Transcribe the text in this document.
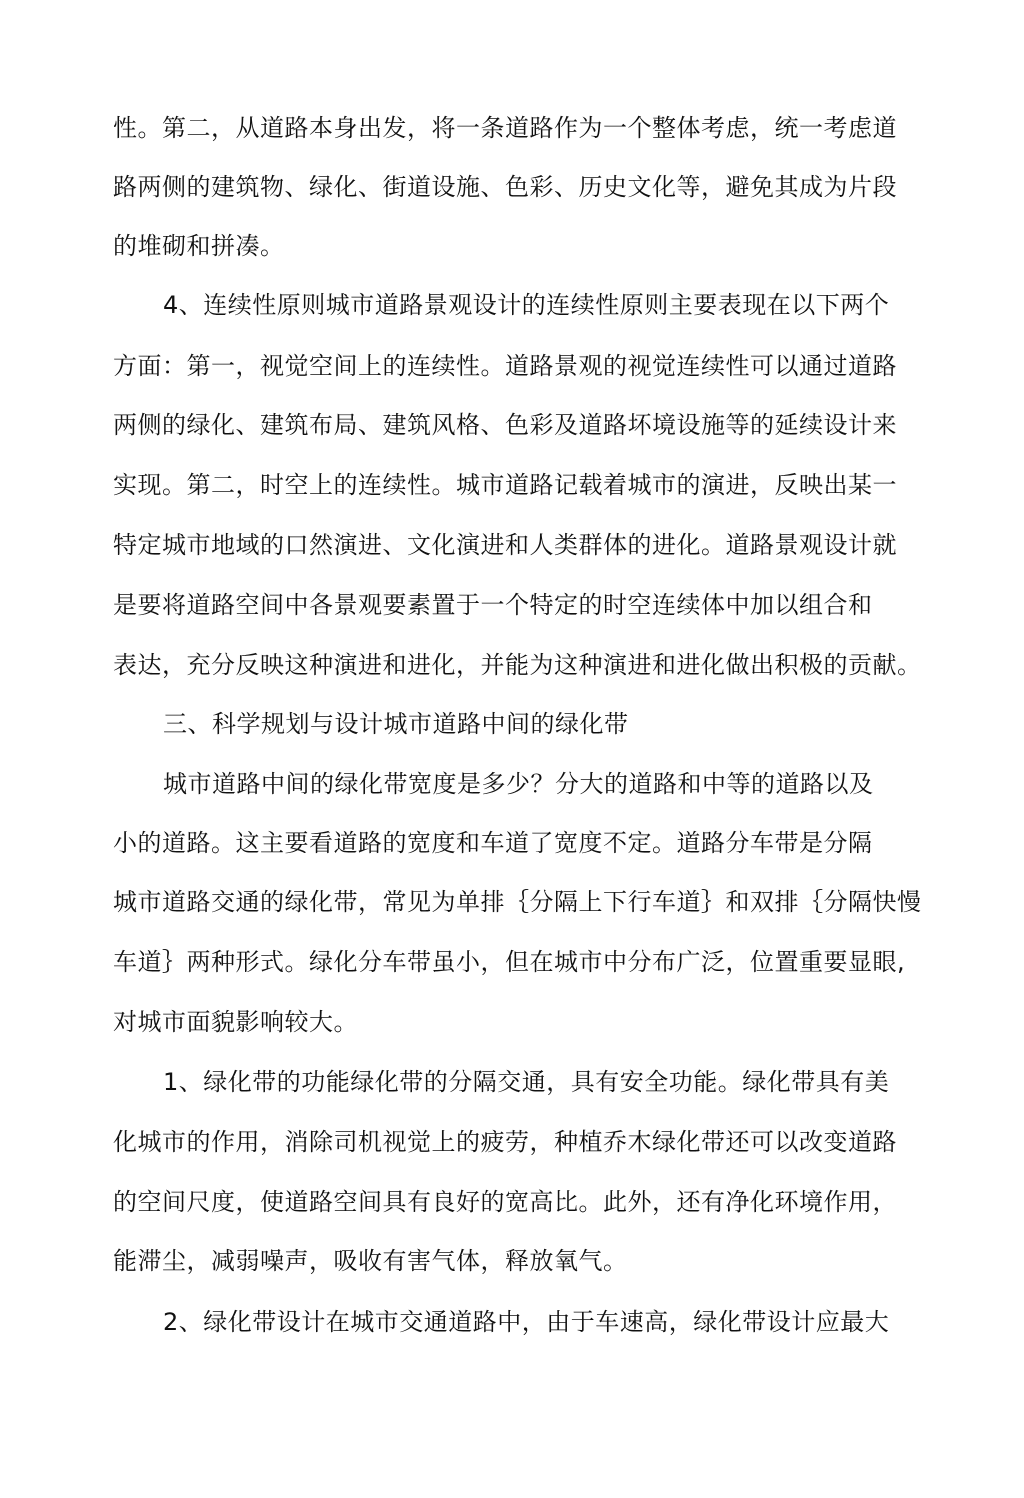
性。第二，从道路本身出发，将一条道路作为一个整体考虑，统一考虑道
路两侧的建筑物、绿化、街道设施、色彩、历史文化等，避免其成为片段
的堆砌和拼凑。
4、连续性原则城市道路景观设计的连续性原则主要表现在以下两个
方面：第一，视觉空间上的连续性。道路景观的视觉连续性可以通过道路
两侧的绿化、建筑布局、建筑风格、色彩及道路坏境设施等的延续设计来
实现。第二，时空上的连续性。城市道路记载着城市的演进，反映出某一
特定城市地域的口然演进、文化演进和人类群体的进化。道路景观设计就
是要将道路空间中各景观要素置于一个特定的时空连续体中加以组合和
表达，充分反映这种演进和进化，并能为这种演进和进化做出积极的贡献。
三、科学规划与设计城市道路中间的绿化带
城市道路中间的绿化带宽度是多少？分大的道路和中等的道路以及
小的道路。这主要看道路的宽度和车道了宽度不定。道路分车带是分隔
城市道路交通的绿化带，常见为单排｛分隔上下行车道｝和双排｛分隔快慢
车道｝两种形式。绿化分车带虽小，但在城市中分布广泛，位置重要显眼,
对城市面貌影响较大。
1、绿化带的功能绿化带的分隔交通，具有安全功能。绿化带具有美
化城市的作用，消除司机视觉上的疲劳，种植乔木绿化带还可以改变道路
的空间尺度，使道路空间具有良好的宽高比。此外，还有净化环境作用，
能滞尘，减弱噪声，吸收有害气体，释放氧气。
2、绿化带设计在城市交通道路中，由于车速高，绿化带设计应最大
